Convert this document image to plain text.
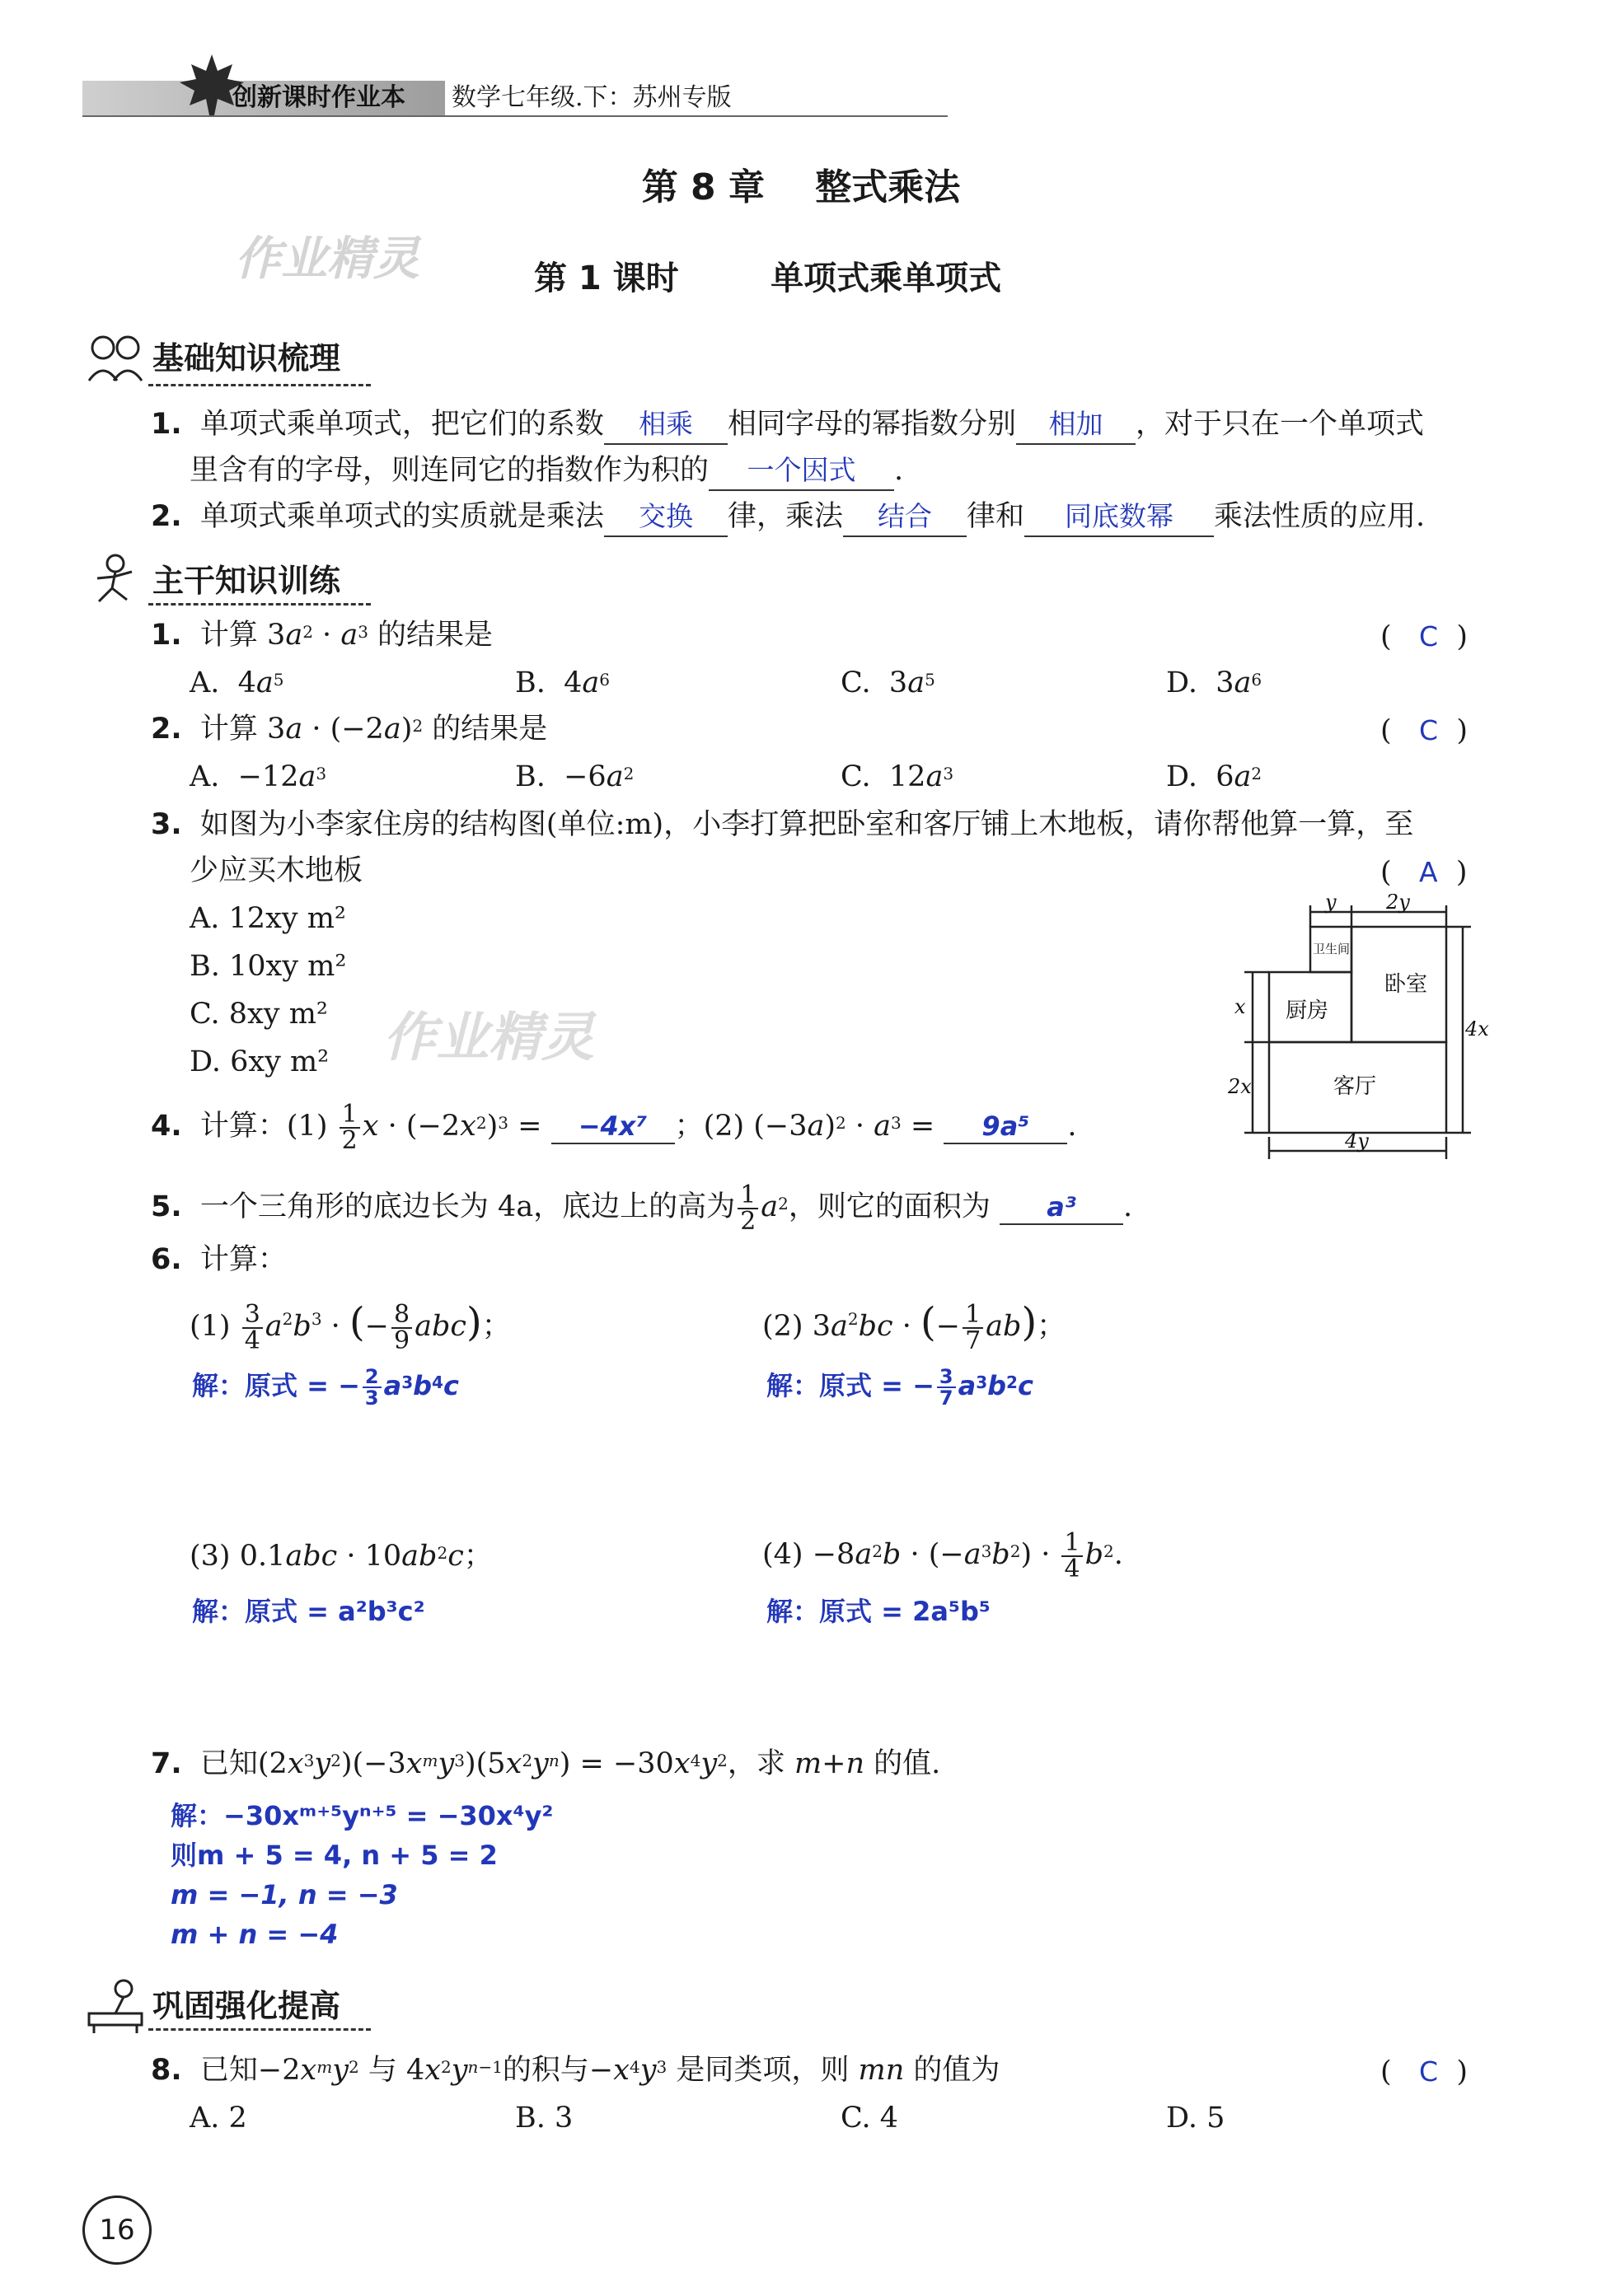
创新课时作业本 数学七年级.下：苏州专版
第 8 章    整式乘法
作业精灵	第 1 课时        单项式乘单项式
基础知识梳理
1. 单项式乘单项式，把它们的系数 相乘 相同字母的幂指数分别 相加 ，对于只在一个单项式
里含有的字母，则连同它的指数作为积的 一个因式 .
2. 单项式乘单项式的实质就是乘法 交换 律，乘法 结合 律和 同底数幂 乘法性质的应用.
主干知识训练
1.  计算 $3a^2 \cdot a^3$ 的结果是	(   C  )
A.  $4a^5$	B.  $4a^6$	C.  $3a^5$	D.  $3a^6$
2.  计算 $3a \cdot (-2a)^2$ 的结果是	(   C  )
A.  $-12a^3$	B.  $-6a^2$	C.  $12a^3$	D.  $6a^2$
3. 如图为小李家住房的结构图(单位:m)，小李打算把卧室和客厅铺上木地板，请你帮他算一算，至
少应买木地板	(   A  )
A. 12xy m²
B. 10xy m²
C. 8xy m²
D. 6xy m² 作业精灵
y	2y
4x
x
2x
4y
卫生间
卧室
厨房
客厅
4.  计算：$(1) \frac{1}{2}$ $x \cdot (-2x^2)^3 = -4x^7$ ；(2) $(-3a)^2 \cdot a^3 = 9a^5$ .
5. 一个三角形的底边长为 4a，底边上的高为 $\frac{1}{2} a^2$，则它的面积为 a³ .
6. 计算：
$(1) \frac{3}{4} a^2b^3$ · (− $\frac{8}{9} abc$)；	(2) $3a^2bc$ · (− $\frac{1}{7} ab$)；
解：原式 = − $\frac{2}{3} a^3b^4c$	解：原式 = − $\frac{3}{7} a^3b^2c$
(3) $0.1abc \cdot 10ab^2c$；	$(4) -8a^2b \cdot (-a^3b^2) \cdot \frac{1}{4} b^2$.
解：原式 = a²b³c²	解：原式 = 2a⁵b⁵
7.  已知$(2x^3y^2)(-3x^my^3)(5x^2y^n) = -30x^4y^2$，求 m+n 的值.
解：−30xᵐ⁺⁵yⁿ⁺⁵ = −30x⁴y²
则m + 5 = 4, n + 5 = 2
m = −1, n = −3
m + n = −4
巩固强化提高
8.  已知$-2x^my^2$ 与 $4x^2y^{n-1}$的积与$-x^4y^3$ 是同类项，则 mn 的值为	(   C  )
A. 2	B. 3	C. 4	D. 5
16
